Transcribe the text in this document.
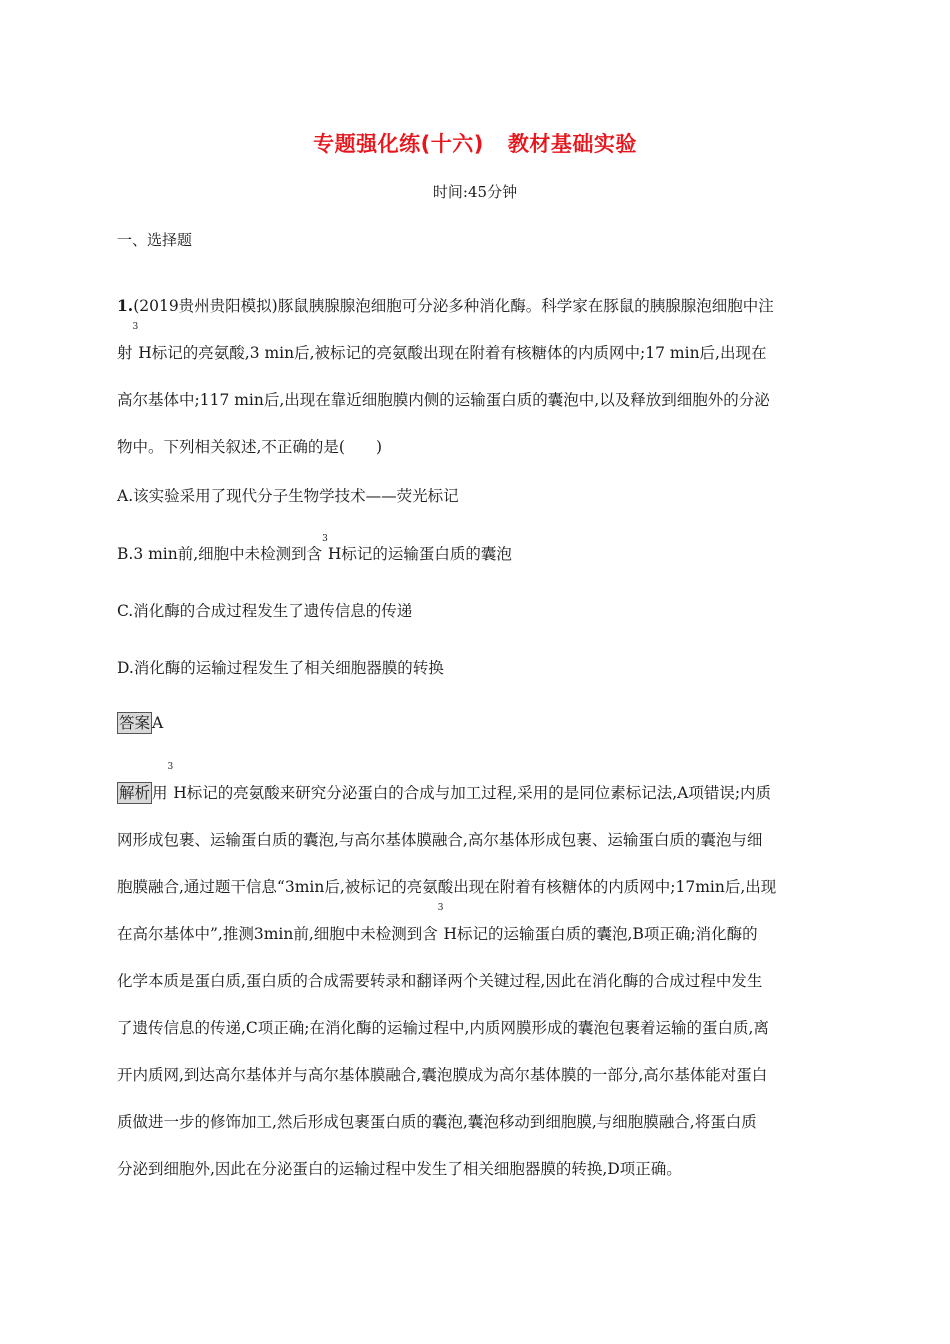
专题强化练(十六) 教材基础实验
时间:45分钟
一、选择题
1.(2019贵州贵阳模拟)豚鼠胰腺腺泡细胞可分泌多种消化酶。科学家在豚鼠的胰腺腺泡细胞中注
射$^3$H标记的亮氨酸,3 min后,被标记的亮氨酸出现在附着有核糖体的内质网中;17 min后,出现在
高尔基体中;117 min后,出现在靠近细胞膜内侧的运输蛋白质的囊泡中,以及释放到细胞外的分泌
物中。下列相关叙述,不正确的是(　　)
A.该实验采用了现代分子生物学技术——荧光标记
B.3 min前,细胞中未检测到含$^3$H标记的运输蛋白质的囊泡
C.消化酶的合成过程发生了遗传信息的传递
D.消化酶的运输过程发生了相关细胞器膜的转换
答案 A
解析 用$^3$H标记的亮氨酸来研究分泌蛋白的合成与加工过程,采用的是同位素标记法,A项错误;内质
网形成包裹、运输蛋白质的囊泡,与高尔基体膜融合,高尔基体形成包裹、运输蛋白质的囊泡与细
胞膜融合,通过题干信息“3min后,被标记的亮氨酸出现在附着有核糖体的内质网中;17min后,出现
在高尔基体中”,推测3min前,细胞中未检测到含$^3$H标记的运输蛋白质的囊泡,B项正确;消化酶的
化学本质是蛋白质,蛋白质的合成需要转录和翻译两个关键过程,因此在消化酶的合成过程中发生
了遗传信息的传递,C项正确;在消化酶的运输过程中,内质网膜形成的囊泡包裹着运输的蛋白质,离
开内质网,到达高尔基体并与高尔基体膜融合,囊泡膜成为高尔基体膜的一部分,高尔基体能对蛋白
质做进一步的修饰加工,然后形成包裹蛋白质的囊泡,囊泡移动到细胞膜,与细胞膜融合,将蛋白质
分泌到细胞外,因此在分泌蛋白的运输过程中发生了相关细胞器膜的转换,D项正确。
